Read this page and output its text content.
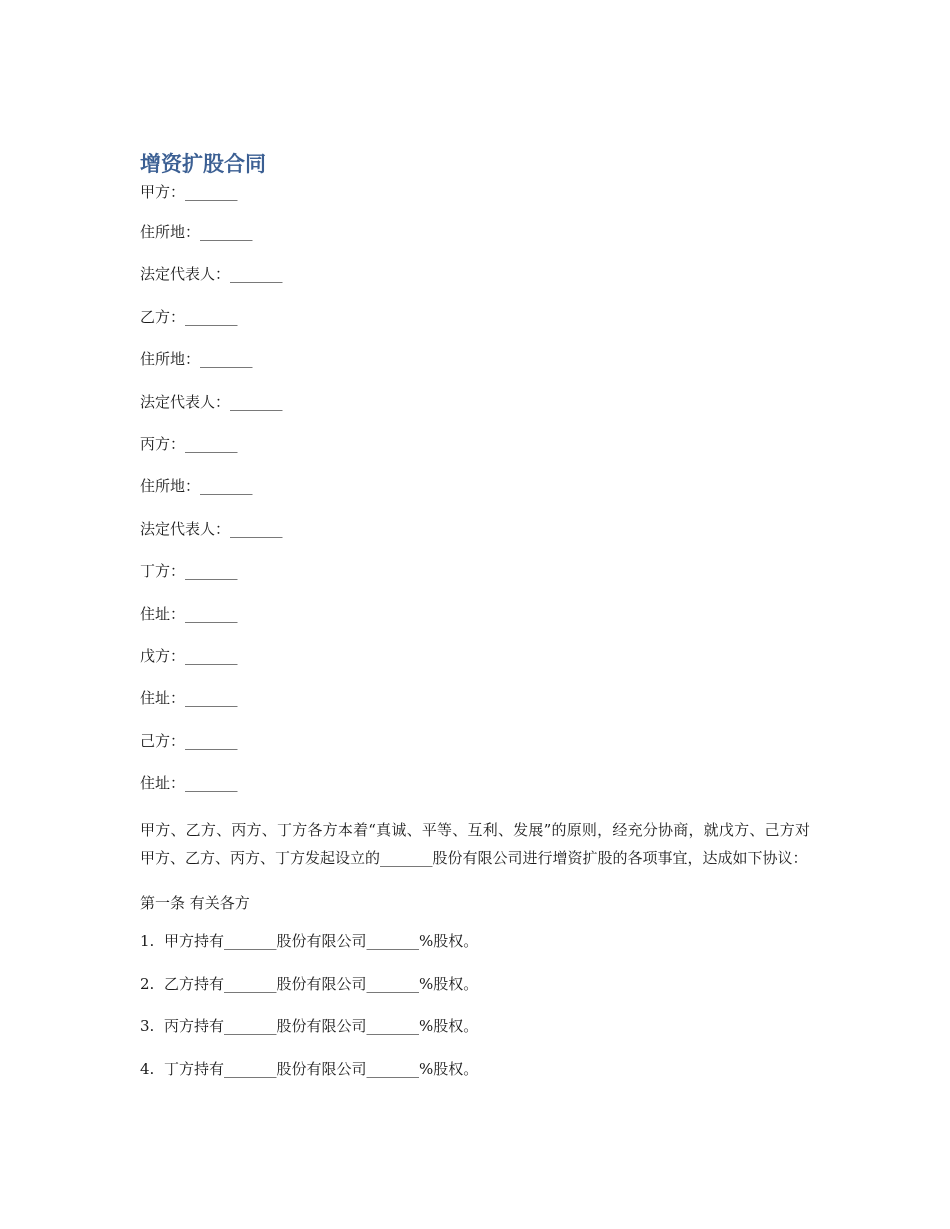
增资扩股合同
甲方：_______
住所地：_______
法定代表人：_______
乙方：_______
住所地：_______
法定代表人：_______
丙方：_______
住所地：_______
法定代表人：_______
丁方：_______
住址：_______
戊方：_______
住址：_______
己方：_______
住址：_______

甲方、乙方、丙方、丁方各方本着“真诚、平等、互利、发展”的原则，经充分协商，就戊方、己方对甲方、乙方、丙方、丁方发起设立的_______股份有限公司进行增资扩股的各项事宜，达成如下协议：

第一条 有关各方

1. 甲方持有_______股份有限公司_______%股权。
2. 乙方持有_______股份有限公司_______%股权。
3. 丙方持有_______股份有限公司_______%股权。
4. 丁方持有_______股份有限公司_______%股权。
